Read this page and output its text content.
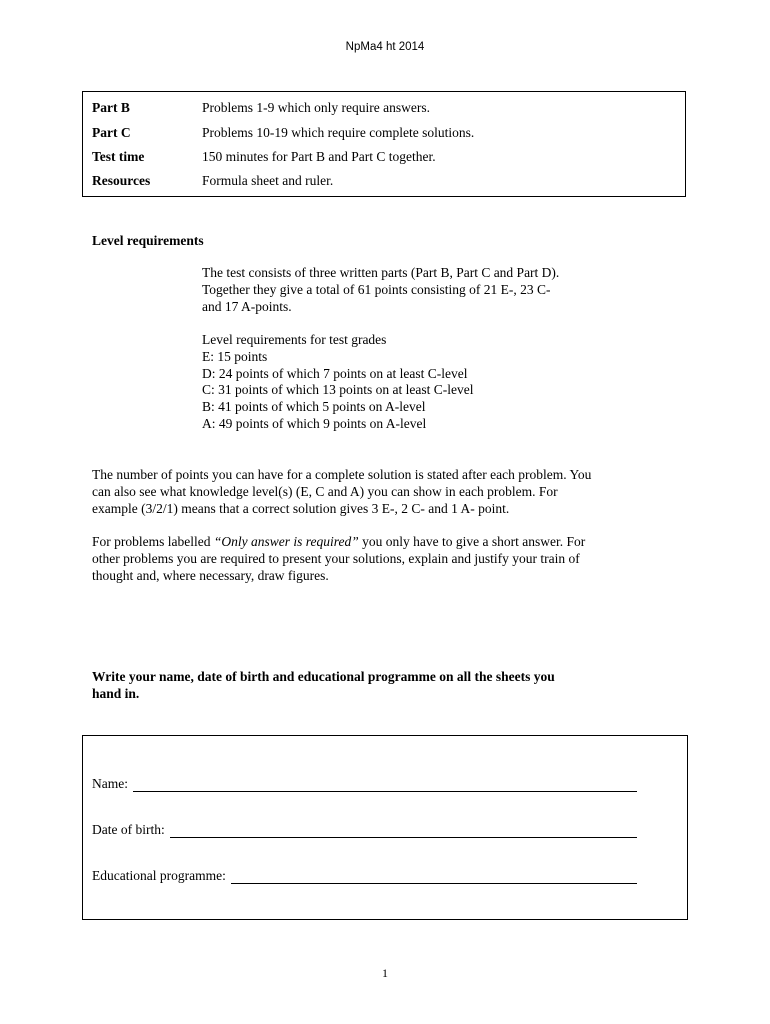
NpMa4 ht 2014
Part B	Problems 1-9 which only require answers.
Part C	Problems 10-19 which require complete solutions.
Test time	150 minutes for Part B and Part C together.
Resources	Formula sheet and ruler.
Level requirements
The test consists of three written parts (Part B, Part C and Part D).
Together they give a total of 61 points consisting of 21 E-, 23 C-
and 17 A-points.
Level requirements for test grades
E: 15 points
D: 24 points of which 7 points on at least C-level
C: 31 points of which 13 points on at least C-level
B: 41 points of which 5 points on A-level
A: 49 points of which 9 points on A-level
The number of points you can have for a complete solution is stated after each problem. You
can also see what knowledge level(s) (E, C and A) you can show in each problem. For
example (3/2/1) means that a correct solution gives 3 E-, 2 C- and 1 A- point.
For problems labelled “Only answer is required” you only have to give a short answer. For
other problems you are required to present your solutions, explain and justify your train of
thought and, where necessary, draw figures.
Write your name, date of birth and educational programme on all the sheets you
hand in.
Name:
Date of birth:
Educational programme:
1
